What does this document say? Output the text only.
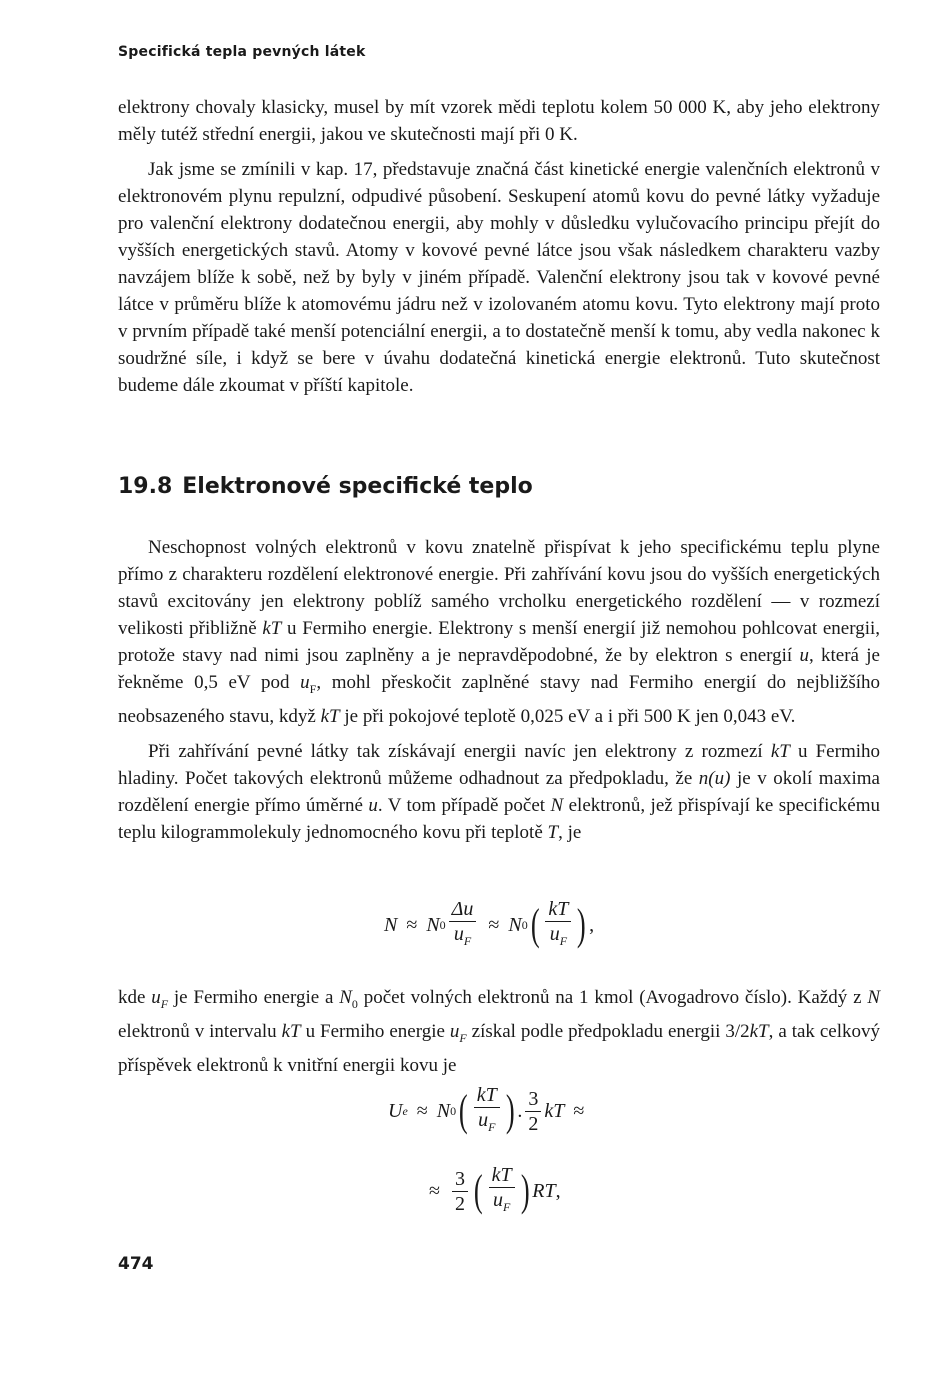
Specifická tepla pevných látek

elektrony chovaly klasicky, musel by mít vzorek mědi teplotu kolem 50 000 K, aby jeho elektrony měly tutéž střední energii, jakou ve skutečnosti mají při 0 K.

Jak jsme se zmínili v kap. 17, představuje značná část kinetické energie valenčních elektronů v elektronovém plynu repulzní, odpudivé působení. Seskupení atomů kovu do pevné látky vyžaduje pro valenční elektrony dodatečnou energii, aby mohly v důsledku vylučovacího principu přejít do vyšších energetických stavů. Atomy v kovové pevné látce jsou však následkem charakteru vazby navzájem blíže k sobě, než by byly v jiném případě. Valenční elektrony jsou tak v kovové pevné látce v průměru blíže k atomovému jádru než v izolovaném atomu kovu. Tyto elektrony mají proto v prvním případě také menší potenciální energii, a to dostatečně menší k tomu, aby vedla nakonec k soudržné síle, i když se bere v úvahu dodatečná kinetická energie elektronů. Tuto skutečnost budeme dále zkoumat v příští kapitole.

19.8 Elektronové specifické teplo

Neschopnost volných elektronů v kovu znatelně přispívat k jeho specifickému teplu plyne přímo z charakteru rozdělení elektronové energie. Při zahřívání kovu jsou do vyšších energetických stavů excitovány jen elektrony poblíž samého vrcholku energetického rozdělení — v rozmezí velikosti přibližně kT u Fermiho energie. Elektrony s menší energií již nemohou pohlcovat energii, protože stavy nad nimi jsou zaplněny a je nepravděpodobné, že by elektron s energií u, která je řekněme 0,5 eV pod $u_F$, mohl přeskočit zaplněné stavy nad Fermiho energií do nejbližšího neobsazeného stavu, když kT je při pokojové teplotě 0,025 eV a i při 500 K jen 0,043 eV.

Při zahřívání pevné látky tak získávají energii navíc jen elektrony z rozmezí kT u Fermiho hladiny. Počet takových elektronů můžeme odhadnout za předpokladu, že n(u) je v okolí maxima rozdělení energie přímo úměrné u. V tom případě počet N elektronů, jež přispívají ke specifickému teplu kilogrammolekuly jednomocného kovu při teplotě T, je

N ≈ N $0 \frac{\Delta u}{u_F} \approx N$ 0 ( $\frac{kT}{u_F}$ ) ,

kde $u_F$ je Fermiho energie a $N_0$ počet volných elektronů na 1 kmol (Avogadrovo číslo). Každý z N elektronů v intervalu kT u Fermiho energie $u_F$ získal podle předpokladu energii 3/2kT, a tak celkový příspěvek elektronů k vnitřní energii kovu je

U e ≈ N 0 ( $\frac{kT}{u_F}$ ) . $\frac{3}{2}$ kT ≈
≈ $\frac{3}{2}$ ( $\frac{kT}{u_F}$ ) RT ,
474
